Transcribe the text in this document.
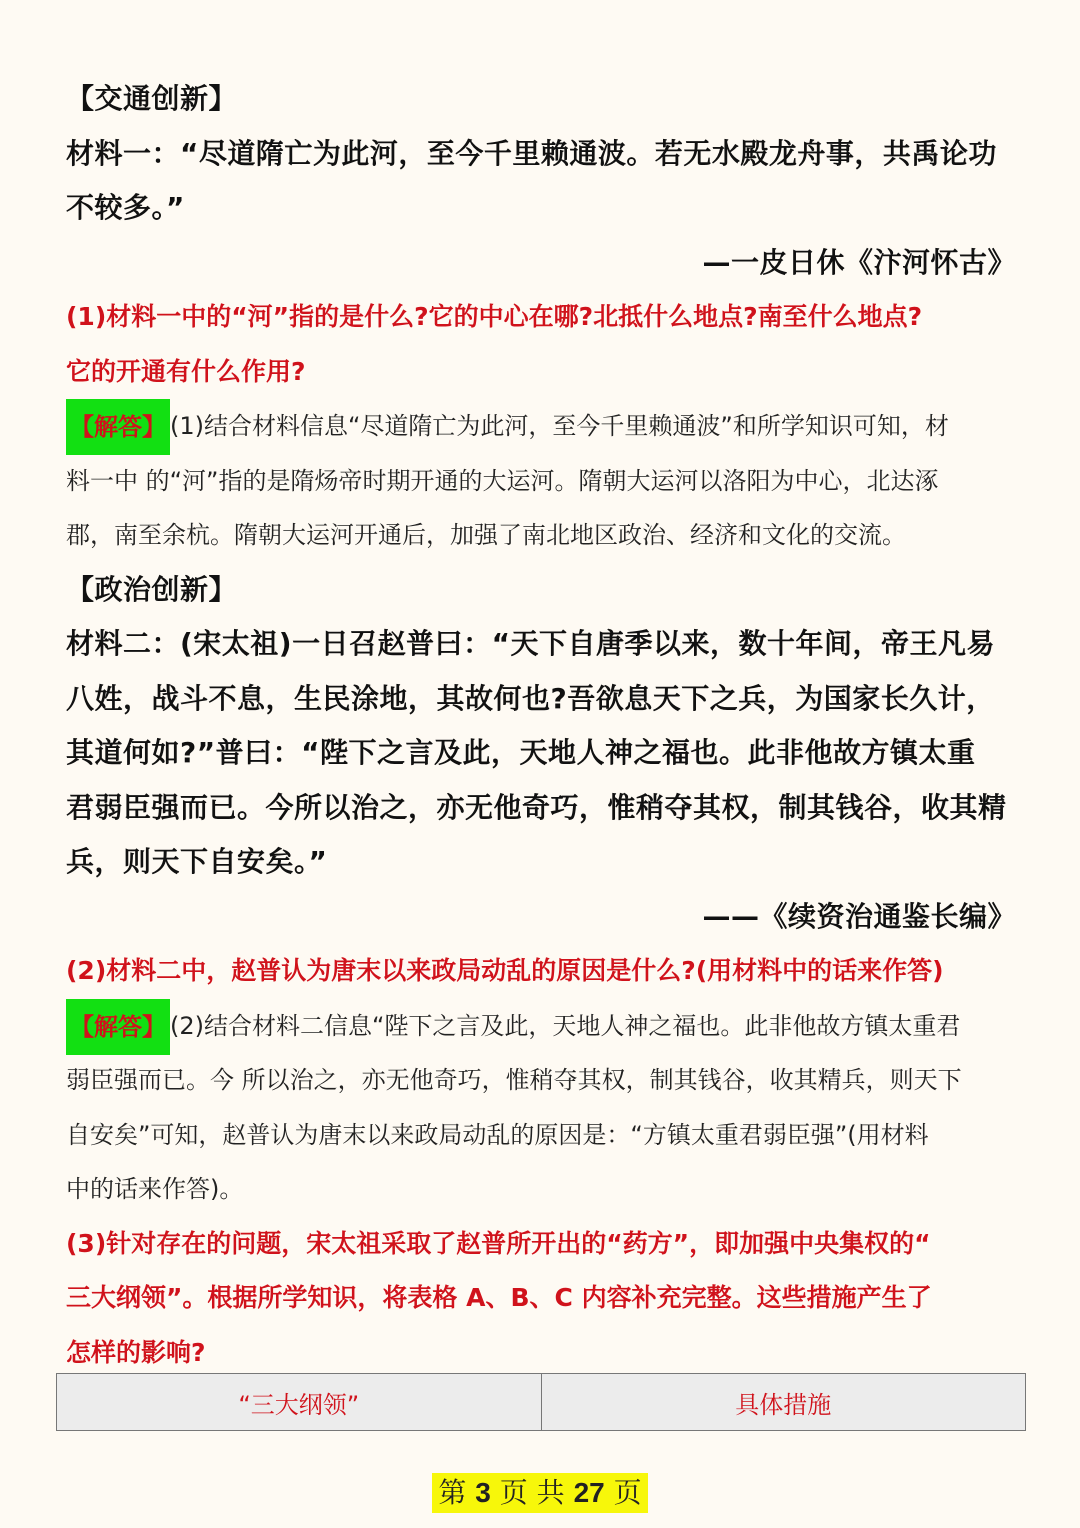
【交通创新】
材料一：“尽道隋亡为此河，至今千里赖通波。若无水殿龙舟事，共禹论功
不较多。”
—一皮日休《汴河怀古》
(1)材料一中的“河”指的是什么?它的中心在哪?北抵什么地点?南至什么地点?
它的开通有什么作用?
【解答】 (1)结合材料信息“尽道隋亡为此河，至今千里赖通波”和所学知识可知，材
料一中 的“河”指的是隋炀帝时期开通的大运河。隋朝大运河以洛阳为中心，北达涿
郡，南至余杭。隋朝大运河开通后，加强了南北地区政治、经济和文化的交流。
【政治创新】
材料二：(宋太祖)一日召赵普曰：“天下自唐季以来，数十年间，帝王凡易
八姓，战斗不息，生民涂地，其故何也?吾欲息天下之兵，为国家长久计，
其道何如?”普曰：“陛下之言及此，天地人神之福也。此非他故方镇太重
君弱臣强而已。今所以治之，亦无他奇巧，惟稍夺其权，制其钱谷，收其精
兵，则天下自安矣。”
——《续资治通鉴长编》
(2)材料二中，赵普认为唐末以来政局动乱的原因是什么?(用材料中的话来作答)
【解答】 (2)结合材料二信息“陛下之言及此，天地人神之福也。此非他故方镇太重君
弱臣强而已。今 所以治之，亦无他奇巧，惟稍夺其权，制其钱谷，收其精兵，则天下
自安矣”可知，赵普认为唐末以来政局动乱的原因是：“方镇太重君弱臣强”(用材料
中的话来作答)。
(3)针对存在的问题，宋太祖采取了赵普所开出的“药方”，即加强中央集权的“
三大纲领”。根据所学知识，将表格 A、B、C 内容补充完整。这些措施产生了
怎样的影响?
“三大纲领”	具体措施
第 3 页 共 27 页
